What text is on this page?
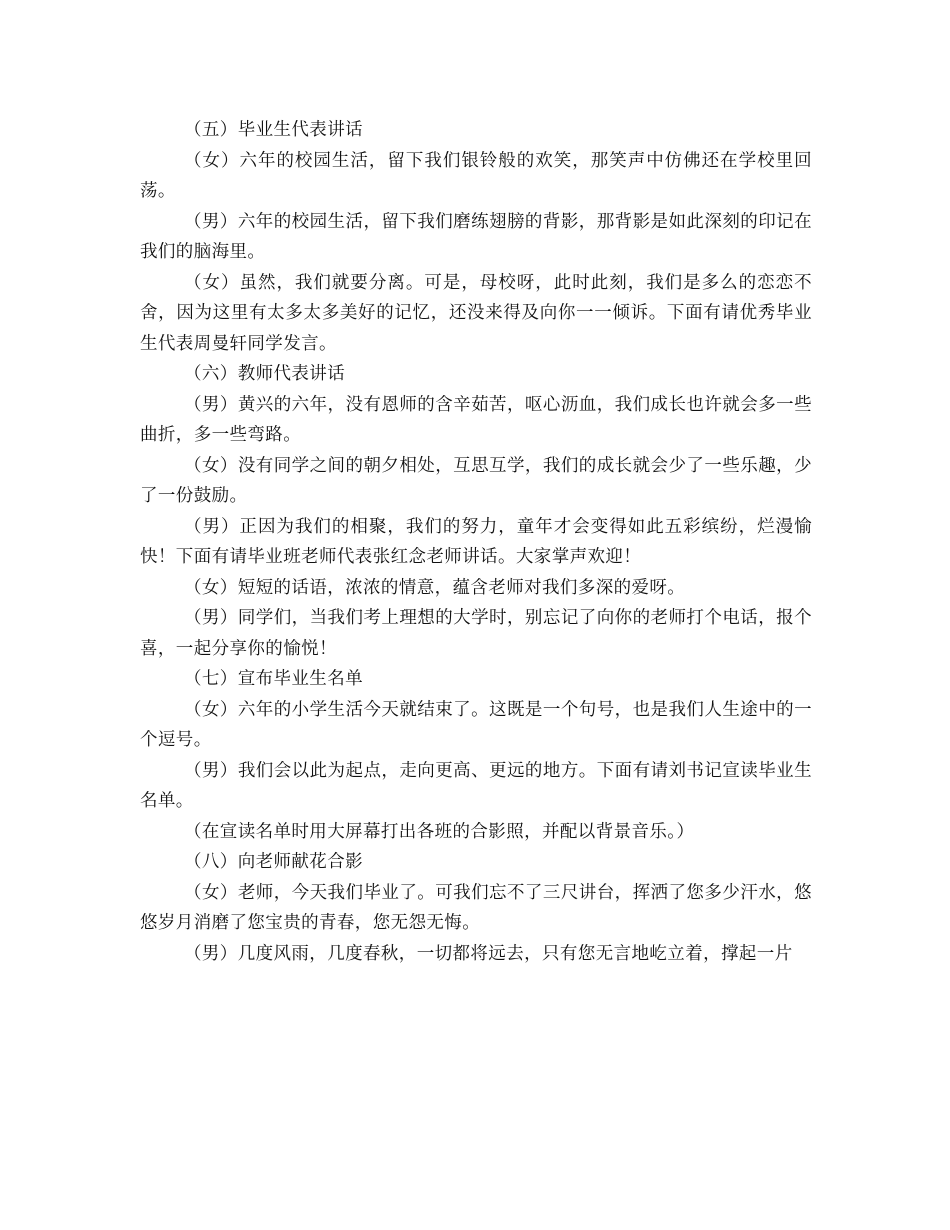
（五）毕业生代表讲话

（女）六年的校园生活，留下我们银铃般的欢笑，那笑声中仿佛还在学校里回荡。

（男）六年的校园生活，留下我们磨练翅膀的背影，那背影是如此深刻的印记在我们的脑海里。

（女）虽然，我们就要分离。可是，母校呀，此时此刻，我们是多么的恋恋不舍，因为这里有太多太多美好的记忆，还没来得及向你一一倾诉。下面有请优秀毕业生代表周曼轩同学发言。

（六）教师代表讲话

（男）黄兴的六年，没有恩师的含辛茹苦，呕心沥血，我们成长也许就会多一些曲折，多一些弯路。

（女）没有同学之间的朝夕相处，互思互学，我们的成长就会少了一些乐趣，少了一份鼓励。

（男）正因为我们的相聚，我们的努力，童年才会变得如此五彩缤纷，烂漫愉快！下面有请毕业班老师代表张红念老师讲话。大家掌声欢迎！

（女）短短的话语，浓浓的情意，蕴含老师对我们多深的爱呀。

（男）同学们，当我们考上理想的大学时，别忘记了向你的老师打个电话，报个喜，一起分享你的愉悦！

（七）宣布毕业生名单

（女）六年的小学生活今天就结束了。这既是一个句号，也是我们人生途中的一个逗号。

（男）我们会以此为起点，走向更高、更远的地方。下面有请刘书记宣读毕业生名单。

（在宣读名单时用大屏幕打出各班的合影照，并配以背景音乐。）

（八）向老师献花合影

（女）老师，今天我们毕业了。可我们忘不了三尺讲台，挥洒了您多少汗水，悠悠岁月消磨了您宝贵的青春，您无怨无悔。

（男）几度风雨，几度春秋，一切都将远去，只有您无言地屹立着，撑起一片
